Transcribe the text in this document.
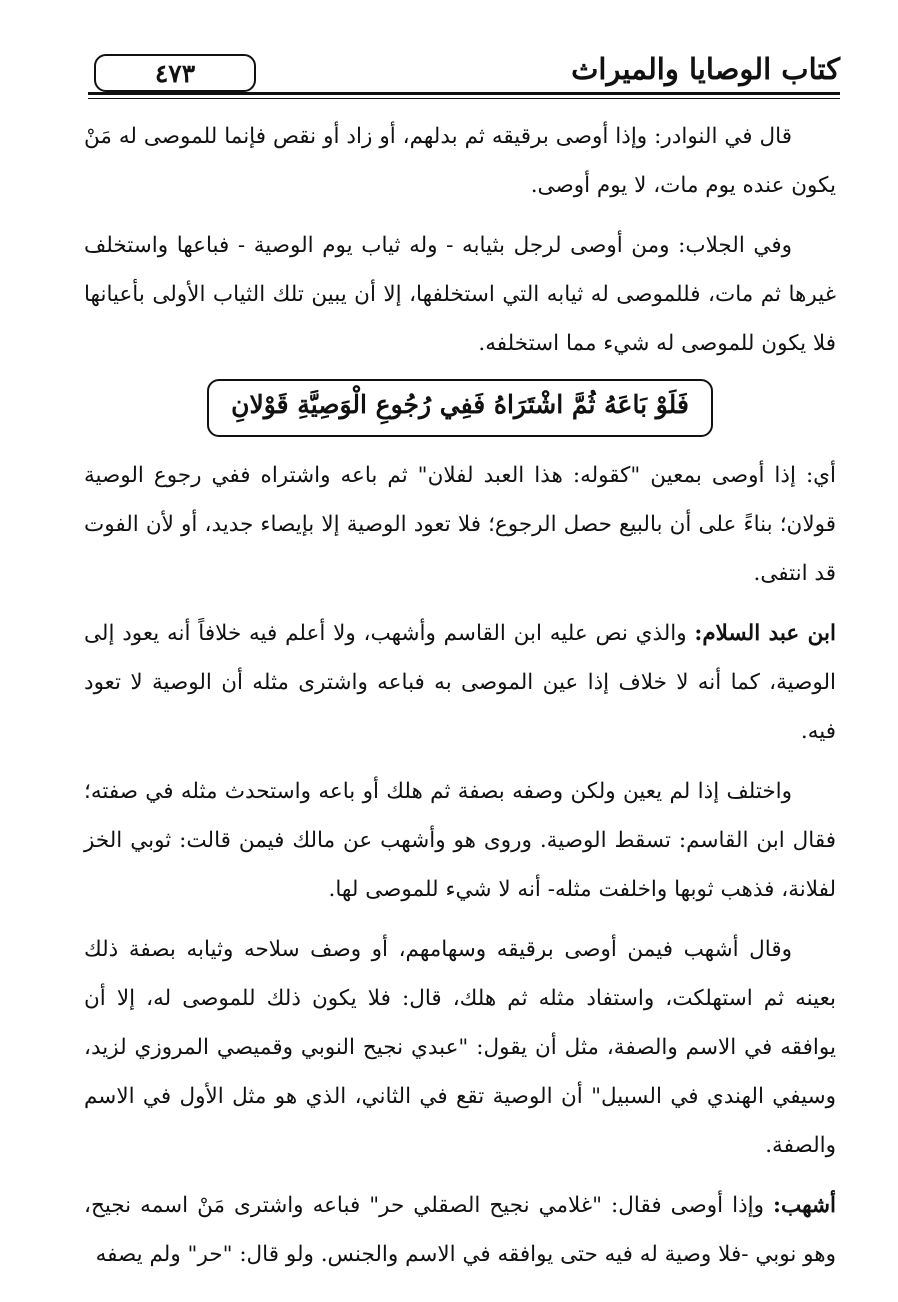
٤٧٣	كتاب الوصايا والميراث

قال في النوادر: وإذا أوصى برقيقه ثم بدلهم، أو زاد أو نقص فإنما للموصى له مَنْ يكون عنده يوم مات، لا يوم أوصى.

وفي الجلاب: ومن أوصى لرجل بثيابه - وله ثياب يوم الوصية - فباعها واستخلف غيرها ثم مات، فللموصى له ثيابه التي استخلفها، إلا أن يبين تلك الثياب الأولى بأعيانها فلا يكون للموصى له شيء مما استخلفه.

فَلَوْ بَاعَهُ ثُمَّ اشْتَرَاهُ فَفِي رُجُوعِ الْوَصِيَّةِ قَوْلانِ

أي: إذا أوصى بمعين "كقوله: هذا العبد لفلان" ثم باعه واشتراه ففي رجوع الوصية قولان؛ بناءً على أن بالبيع حصل الرجوع؛ فلا تعود الوصية إلا بإيصاء جديد، أو لأن الفوت قد انتفى.

ابن عبد السلام: والذي نص عليه ابن القاسم وأشهب، ولا أعلم فيه خلافاً أنه يعود إلى الوصية، كما أنه لا خلاف إذا عين الموصى به فباعه واشترى مثله أن الوصية لا تعود فيه.

واختلف إذا لم يعين ولكن وصفه بصفة ثم هلك أو باعه واستحدث مثله في صفته؛ فقال ابن القاسم: تسقط الوصية. وروى هو وأشهب عن مالك فيمن قالت: ثوبي الخز لفلانة، فذهب ثوبها واخلفت مثله- أنه لا شيء للموصى لها.

وقال أشهب فيمن أوصى برقيقه وسهامهم، أو وصف سلاحه وثيابه بصفة ذلك بعينه ثم استهلكت، واستفاد مثله ثم هلك، قال: فلا يكون ذلك للموصى له، إلا أن يوافقه في الاسم والصفة، مثل أن يقول: "عبدي نجيح النوبي وقميصي المروزي لزيد، وسيفي الهندي في السبيل" أن الوصية تقع في الثاني، الذي هو مثل الأول في الاسم والصفة.

أشهب: وإذا أوصى فقال: "غلامي نجيح الصقلي حر" فباعه واشترى مَنْ اسمه نجيح، وهو نوبي -فلا وصية له فيه حتى يوافقه في الاسم والجنس. ولو قال: "حر" ولم يصفه
